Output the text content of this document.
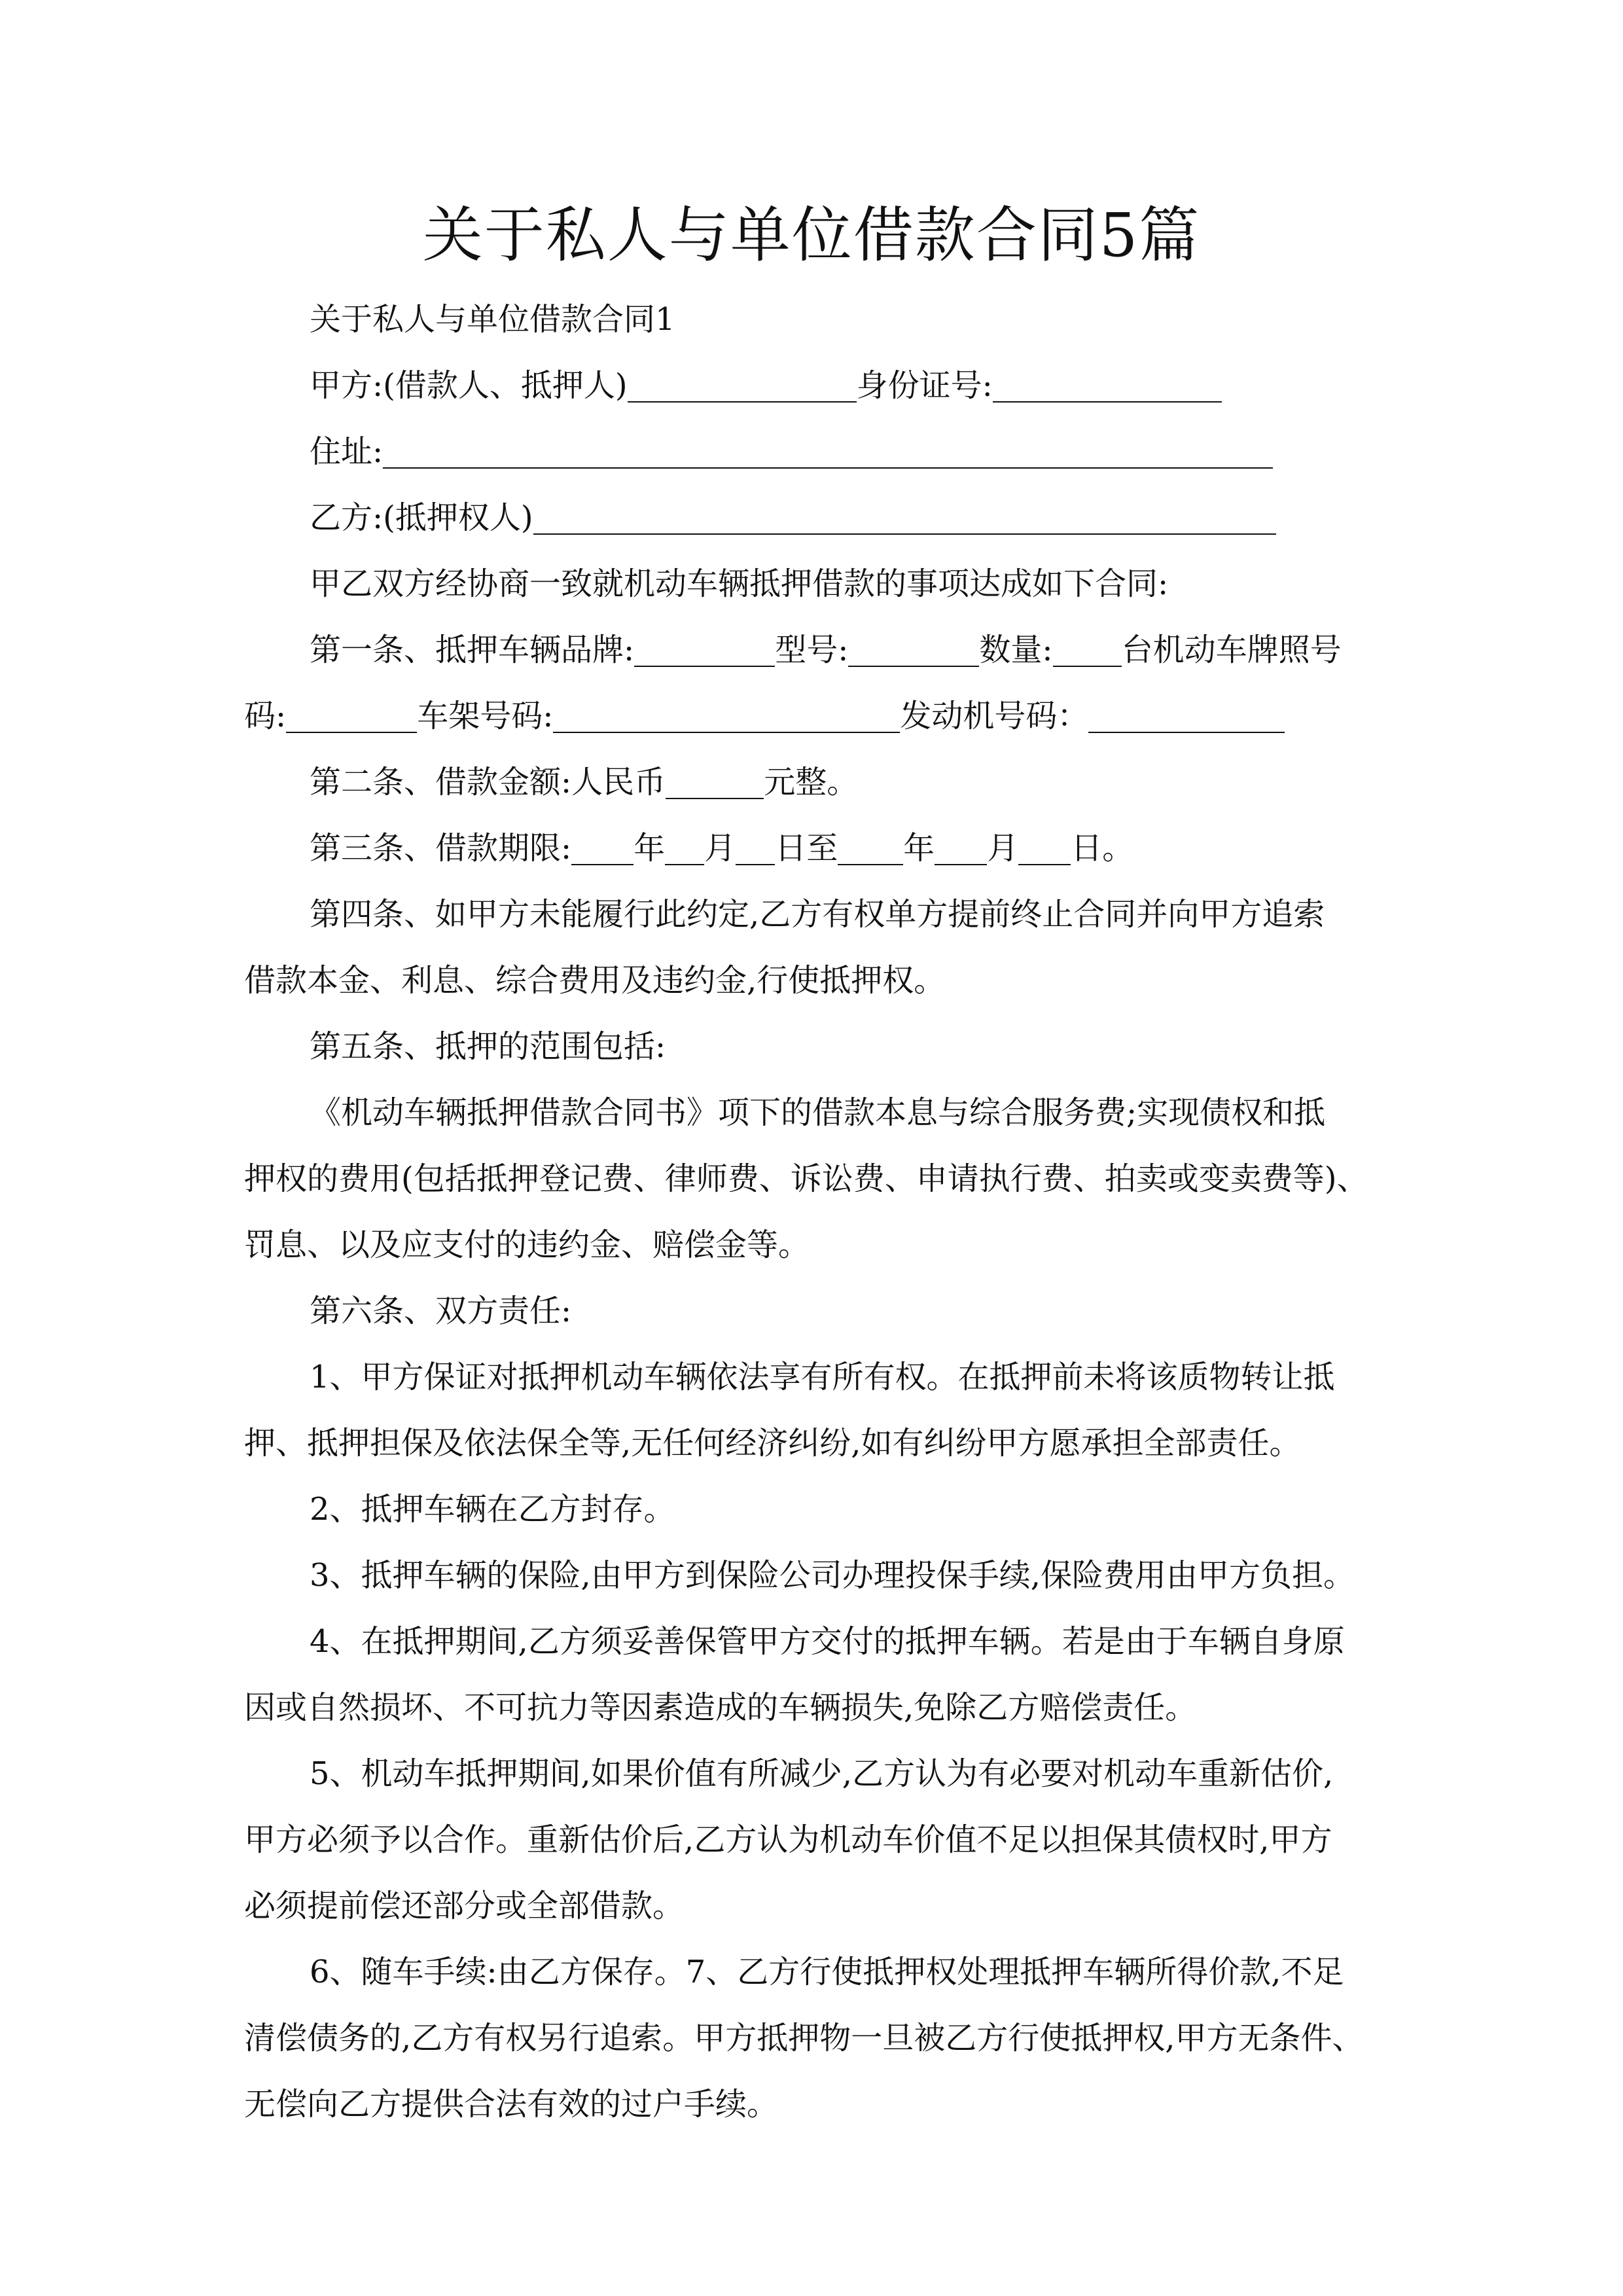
关于私人与单位借款合同5篇
关于私人与单位借款合同1
甲方:(借款人、抵押人)	身份证号:
住址:
乙方:(抵押权人)
甲乙双方经协商一致就机动车辆抵押借款的事项达成如下合同:
第一条、抵押车辆品牌:	型号:	数量: 台机动车牌照号
码:	车架号码:	发动机号码：
第二条、借款金额:人民币	元整。
第三条、借款期限: 年 月 日至 年 月 日。
第四条、如甲方未能履行此约定,乙方有权单方提前终止合同并向甲方追索
借款本金、利息、综合费用及违约金,行使抵押权。
第五条、抵押的范围包括:
《机动车辆抵押借款合同书》项下的借款本息与综合服务费;实现债权和抵
押权的费用(包括抵押登记费、律师费、诉讼费、申请执行费、拍卖或变卖费等)、
罚息、以及应支付的违约金、赔偿金等。
第六条、双方责任:
1、甲方保证对抵押机动车辆依法享有所有权。在抵押前未将该质物转让抵
押、抵押担保及依法保全等,无任何经济纠纷,如有纠纷甲方愿承担全部责任。
2、抵押车辆在乙方封存。
3、抵押车辆的保险,由甲方到保险公司办理投保手续,保险费用由甲方负担。
4、在抵押期间,乙方须妥善保管甲方交付的抵押车辆。若是由于车辆自身原
因或自然损坏、不可抗力等因素造成的车辆损失,免除乙方赔偿责任。
5、机动车抵押期间,如果价值有所减少,乙方认为有必要对机动车重新估价,
甲方必须予以合作。重新估价后,乙方认为机动车价值不足以担保其债权时,甲方
必须提前偿还部分或全部借款。
6、随车手续:由乙方保存。7、乙方行使抵押权处理抵押车辆所得价款,不足
清偿债务的,乙方有权另行追索。甲方抵押物一旦被乙方行使抵押权,甲方无条件、
无偿向乙方提供合法有效的过户手续。
